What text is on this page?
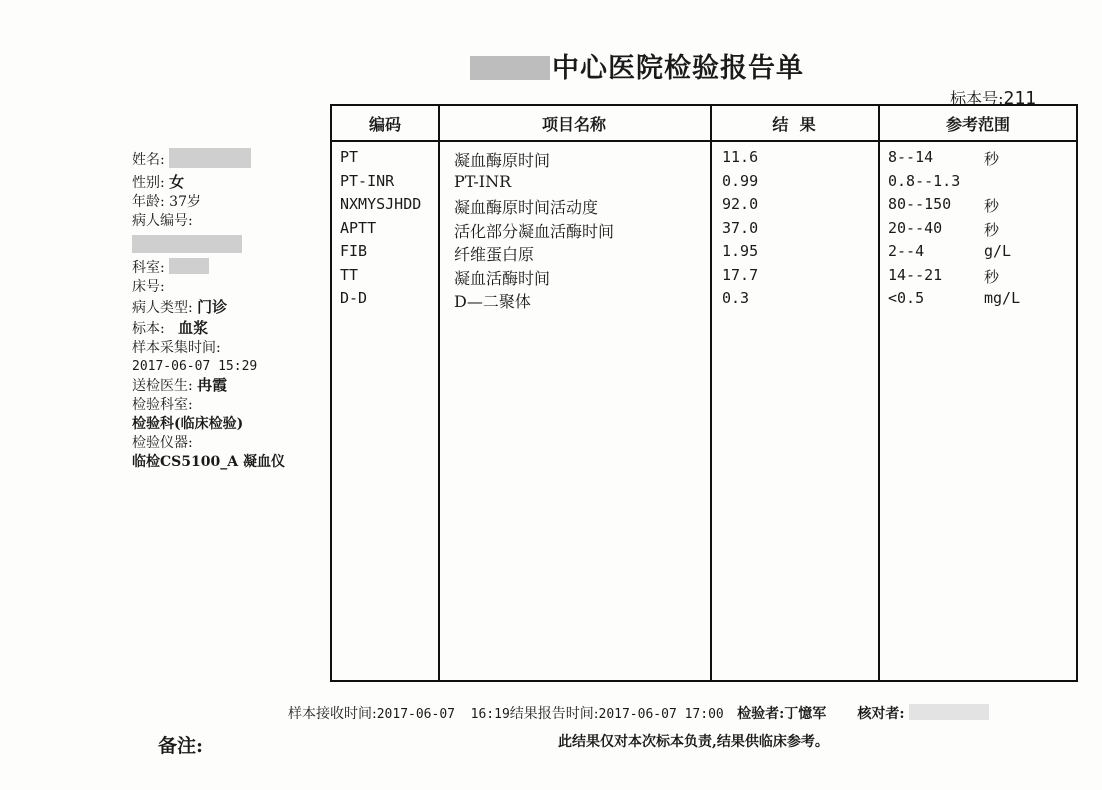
中心医院检验报告单
标本号:211
姓名:
性别: 女
年龄: 37岁
病人编号:
科室:
床号:
病人类型: 门诊
标本: 血浆
样本采集时间:
2017-06-07 15:29
送检医生: 冉霞
检验科室:
检验科(临床检验)
检验仪器:
临检CS5100_A 凝血仪
编码	项目名称	结  果	参考范围
PT	凝血酶原时间	11.6	8--14	秒
PT-INR	PT-INR	0.99	0.8--1.3
NXMYSJHDD 凝血酶原时间活动度	92.0	80--150 秒
APTT	活化部分凝血活酶时间	37.0	20--40	秒
FIB	纤维蛋白原	1.95	2--4	g/L
TT	凝血活酶时间	17.7	14--21	秒
D-D	D—二聚体	0.3	<0.5	mg/L
样本接收时间:2017-06-07  16:19结果报告时间:2017-06-07 17:00 检验者:丁憶军 核对者:
备注:	此结果仅对本次标本负责,结果供临床参考。
